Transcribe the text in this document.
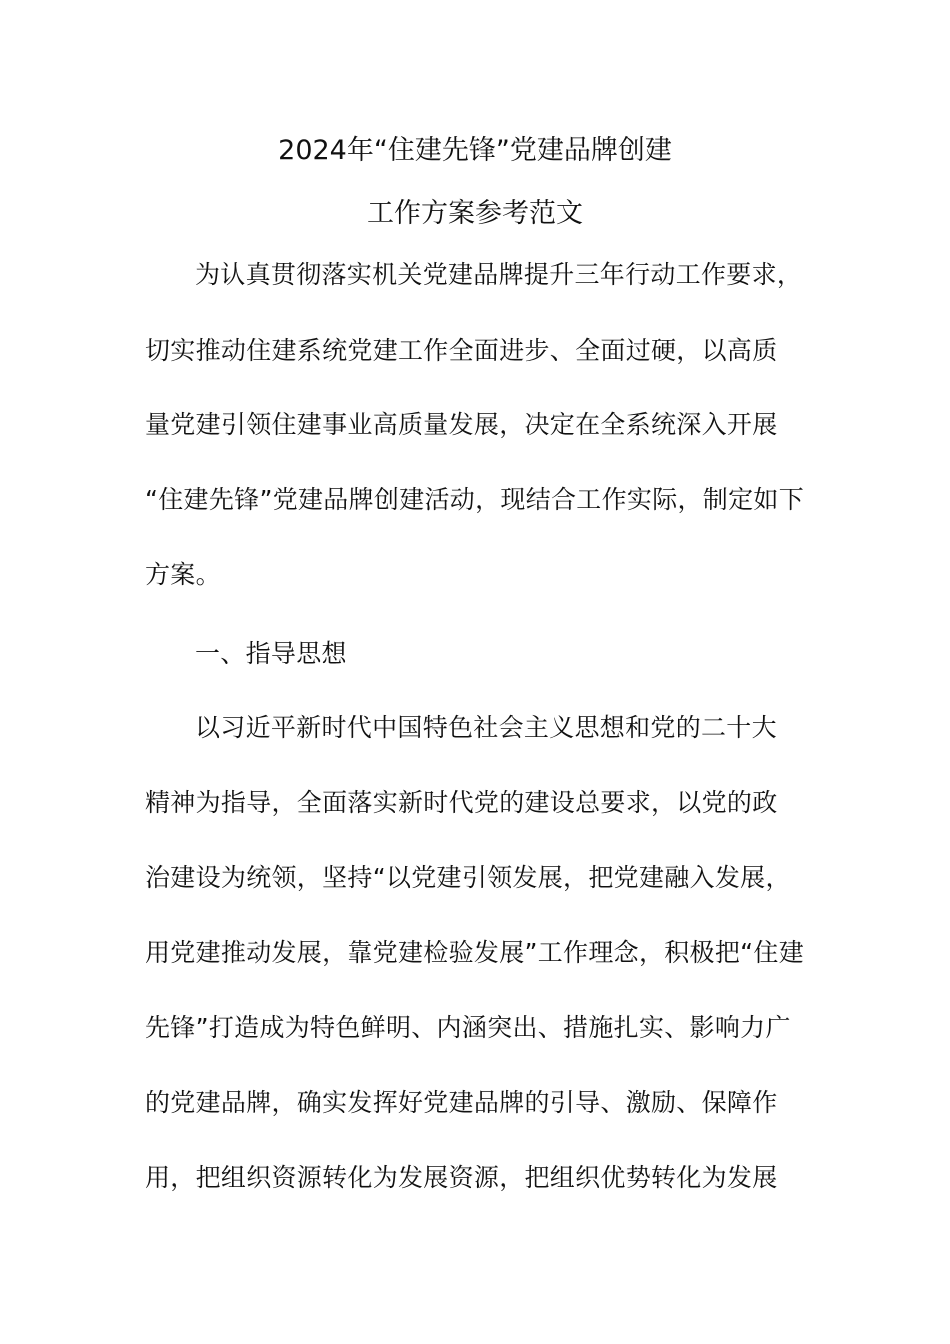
2024年“住建先锋”党建品牌创建
工作方案参考范文
为认真贯彻落实机关党建品牌提升三年行动工作要求，
切实推动住建系统党建工作全面进步、全面过硬，以高质
量党建引领住建事业高质量发展，决定在全系统深入开展
“住建先锋”党建品牌创建活动，现结合工作实际，制定如下
方案。
一、指导思想
以习近平新时代中国特色社会主义思想和党的二十大
精神为指导，全面落实新时代党的建设总要求，以党的政
治建设为统领，坚持“以党建引领发展，把党建融入发展，
用党建推动发展，靠党建检验发展”工作理念，积极把“住建
先锋”打造成为特色鲜明、内涵突出、措施扎实、影响力广
的党建品牌，确实发挥好党建品牌的引导、激励、保障作
用，把组织资源转化为发展资源，把组织优势转化为发展
